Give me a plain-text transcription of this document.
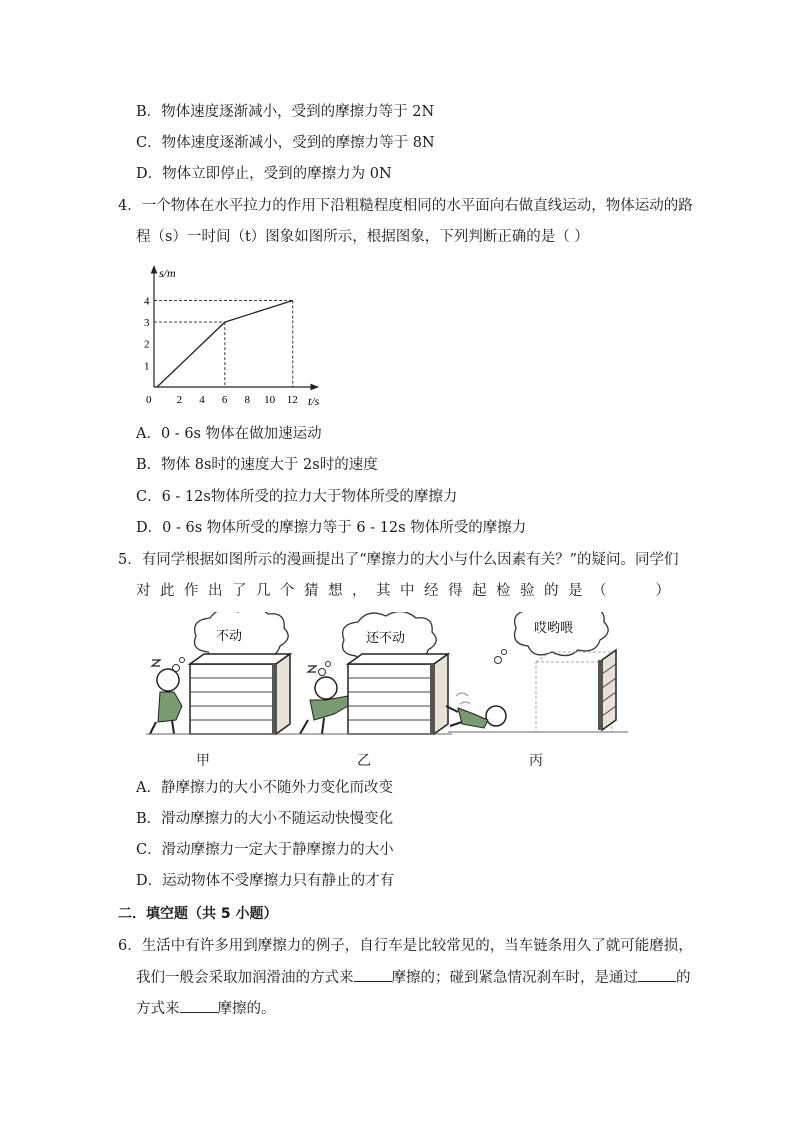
B．物体速度逐渐减小，受到的摩擦力等于 2N
C．物体速度逐渐减小，受到的摩擦力等于 8N
D．物体立即停止，受到的摩擦力为 0N
4．一个物体在水平拉力的作用下沿粗糙程度相同的水平面向右做直线运动，物体运动的路
程（s）一时间（t）图象如图所示，根据图象，下列判断正确的是（ ）
2 4 6 8 10 12
1
2
3
4
s/m
t/s
0
A．0 - 6s 物体在做加速运动
B．物体 8s时的速度大于 2s时的速度
C．6 - 12s物体所受的拉力大于物体所受的摩擦力
D．0 - 6s 物体所受的摩擦力等于 6 - 12s 物体所受的摩擦力
5．有同学根据如图所示的漫画提出了“摩擦力的大小与什么因素有关？”的疑问。同学们
对 此 作 出 了 几 个 猜 想 ， 其 中 经 得 起 检 验 的 是 （	）
不动	还不动
哎哟喂
甲	乙	丙
A．静摩擦力的大小不随外力变化而改变
B．滑动摩擦力的大小不随运动快慢变化
C．滑动摩擦力一定大于静摩擦力的大小
D．运动物体不受摩擦力只有静止的才有
二．填空题（共 5 小题）
6．生活中有许多用到摩擦力的例子，自行车是比较常见的，当车链条用久了就可能磨损，
我们一般会采取加润滑油的方式来	摩擦的；碰到紧急情况刹车时，是通过	的
方式来	摩擦的。
